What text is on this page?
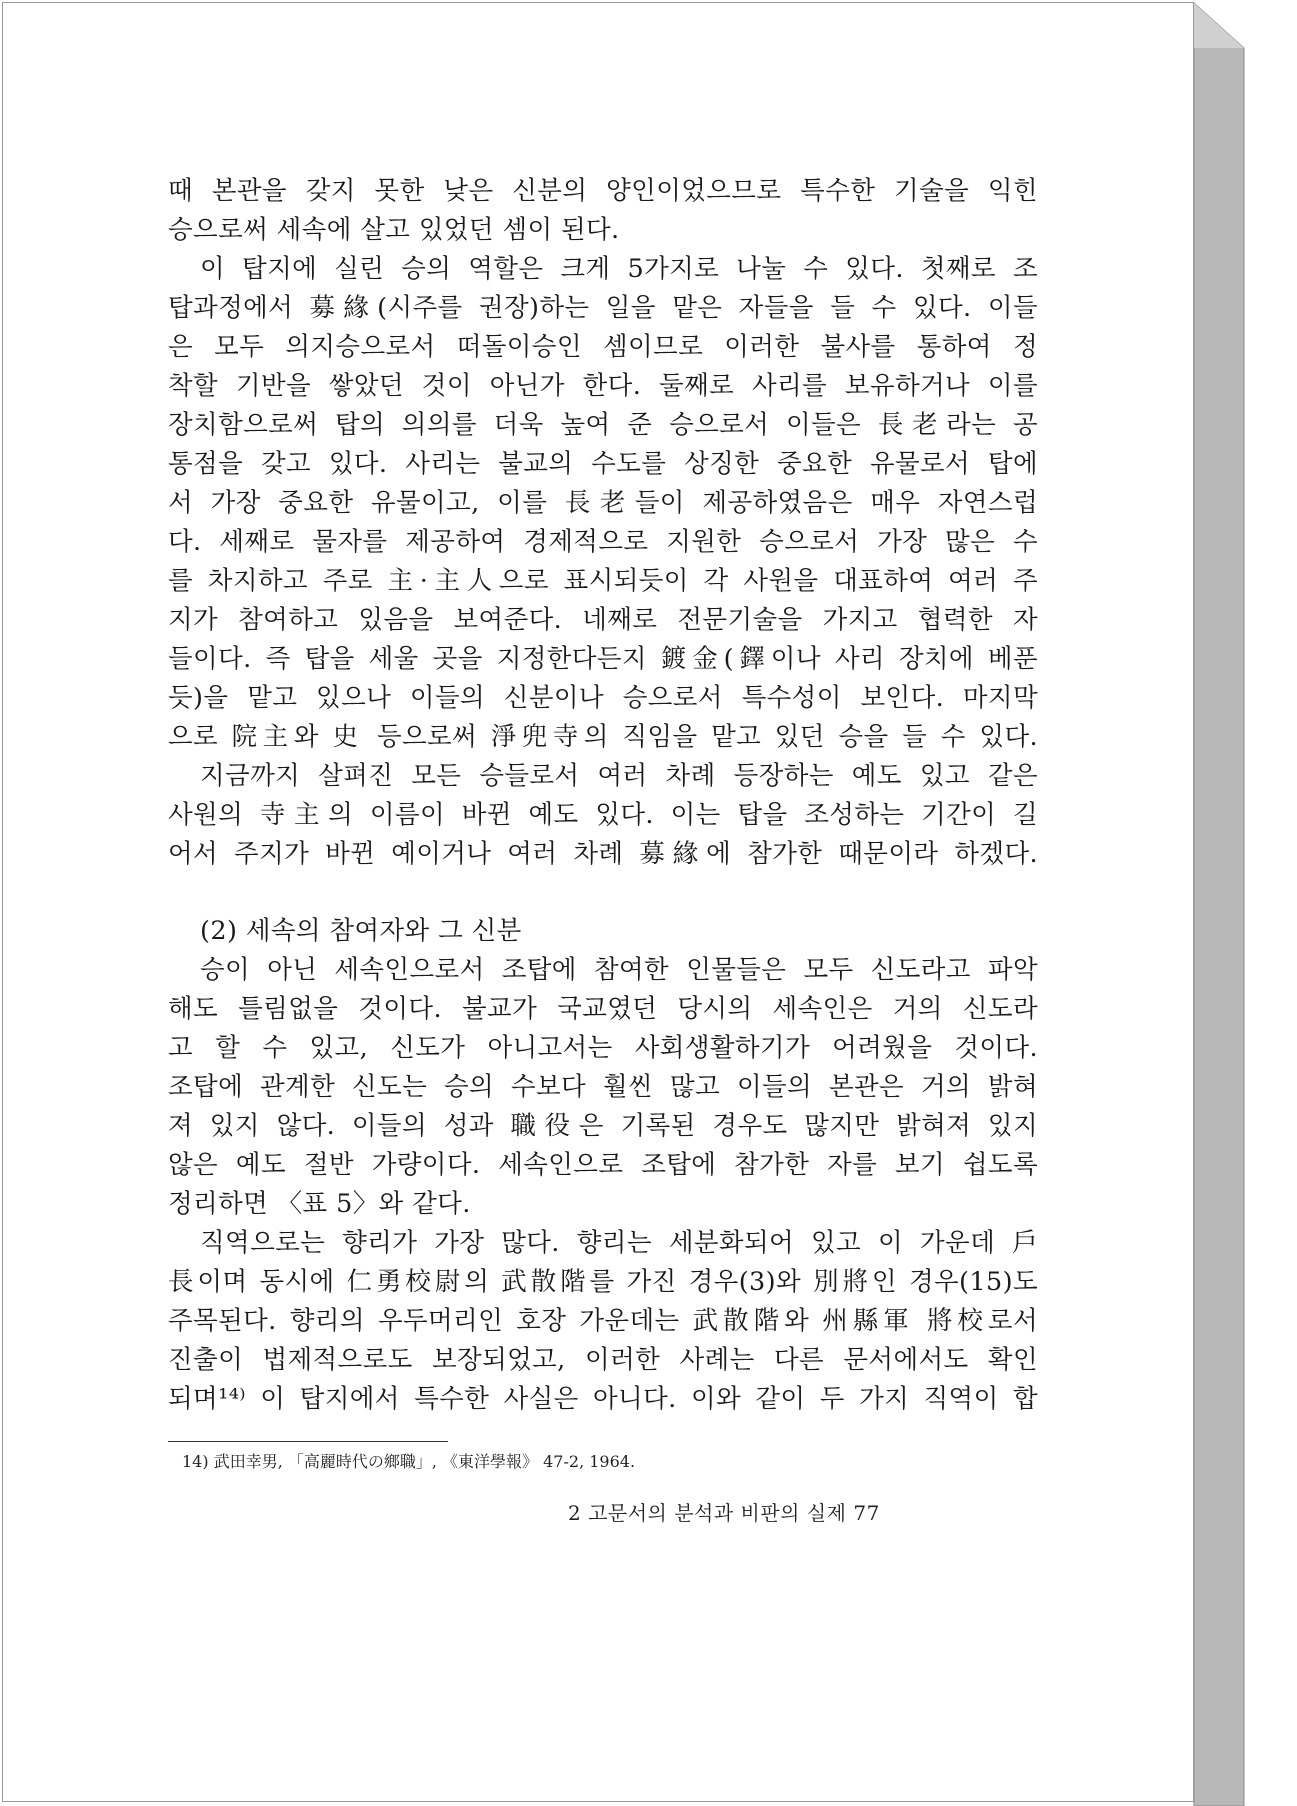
때 본관을 갖지 못한 낮은 신분의 양인이었으므로 특수한 기술을 익힌
승으로써 세속에 살고 있었던 셈이 된다.
이 탑지에 실린 승의 역할은 크게 5가지로 나눌 수 있다. 첫째로 조
탑과정에서 募緣(시주를 권장)하는 일을 맡은 자들을 들 수 있다. 이들
은 모두 의지승으로서 떠돌이승인 셈이므로 이러한 불사를 통하여 정
착할 기반을 쌓았던 것이 아닌가 한다. 둘째로 사리를 보유하거나 이를
장치함으로써 탑의 의의를 더욱 높여 준 승으로서 이들은 長老라는 공
통점을 갖고 있다. 사리는 불교의 수도를 상징한 중요한 유물로서 탑에
서 가장 중요한 유물이고, 이를 長老들이 제공하였음은 매우 자연스럽
다. 세째로 물자를 제공하여 경제적으로 지원한 승으로서 가장 많은 수
를 차지하고 주로 主·主人으로 표시되듯이 각 사원을 대표하여 여러 주
지가 참여하고 있음을 보여준다. 네째로 전문기술을 가지고 협력한 자
들이다. 즉 탑을 세울 곳을 지정한다든지 鍍金(鐸이나 사리 장치에 베푼
듯)을 맡고 있으나 이들의 신분이나 승으로서 특수성이 보인다. 마지막
으로 院主와 史 등으로써 淨兜寺의 직임을 맡고 있던 승을 들 수 있다.
지금까지 살펴진 모든 승들로서 여러 차례 등장하는 예도 있고 같은
사원의 寺主의 이름이 바뀐 예도 있다. 이는 탑을 조성하는 기간이 길
어서 주지가 바뀐 예이거나 여러 차례 募緣에 참가한 때문이라 하겠다.
(2) 세속의 참여자와 그 신분
승이 아닌 세속인으로서 조탑에 참여한 인물들은 모두 신도라고 파악
해도 틀림없을 것이다. 불교가 국교였던 당시의 세속인은 거의 신도라
고 할 수 있고, 신도가 아니고서는 사회생활하기가 어려웠을 것이다.
조탑에 관계한 신도는 승의 수보다 훨씬 많고 이들의 본관은 거의 밝혀
져 있지 않다. 이들의 성과 職役은 기록된 경우도 많지만 밝혀져 있지
않은 예도 절반 가량이다. 세속인으로 조탑에 참가한 자를 보기 쉽도록
정리하면 〈표 5〉와 같다.
직역으로는 향리가 가장 많다. 향리는 세분화되어 있고 이 가운데 戶
長이며 동시에 仁勇校尉의 武散階를 가진 경우(3)와 別將인 경우(15)도
주목된다. 향리의 우두머리인 호장 가운데는 武散階와 州縣軍 將校로서
진출이 법제적으로도 보장되었고, 이러한 사례는 다른 문서에서도 확인
되며¹⁴⁾ 이 탑지에서 특수한 사실은 아니다. 이와 같이 두 가지 직역이 합
14) 武田幸男, 「高麗時代の鄉職」, 《東洋學報》 47-2, 1964.
2 고문서의 분석과 비판의 실제 77
